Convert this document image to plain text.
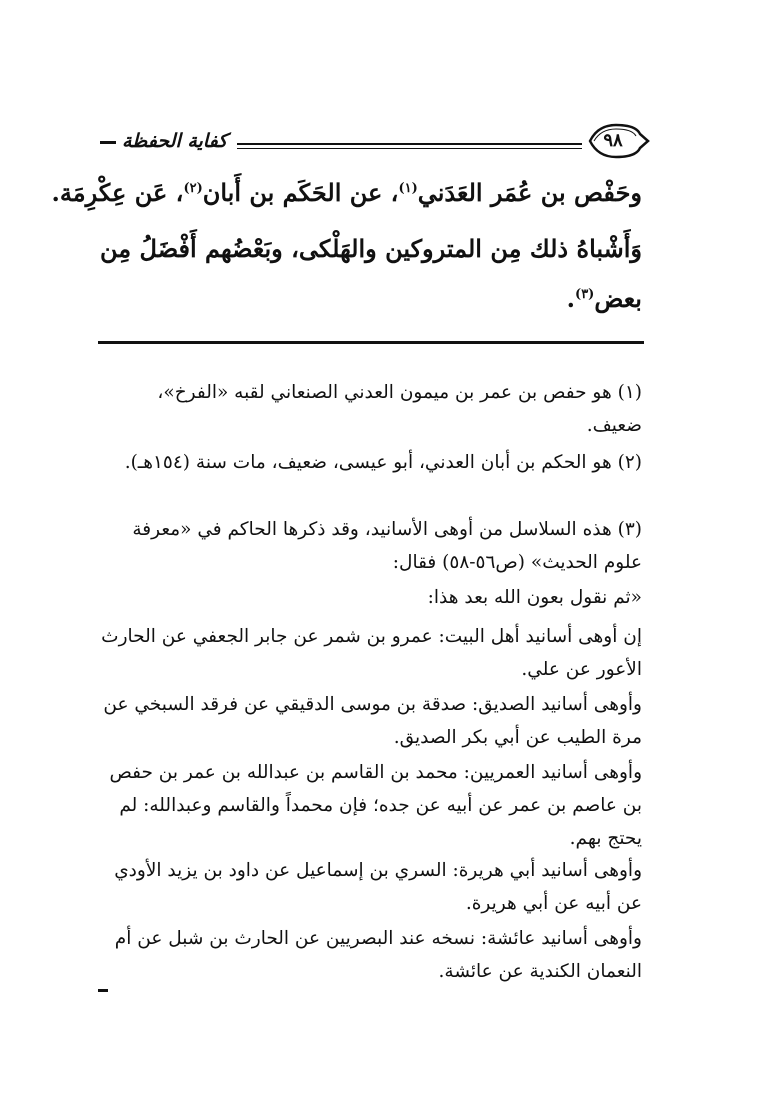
كفاية الحفظة	٩٨
وحَفْص بن عُمَر العَدَني$^{(١)}$، عن الحَكَم بن أَبان$^{(٢)}$، عَن عِكْرِمَة.
وَأَشْباهُ ذلك مِن المتروكين والهَلْكى، وبَعْضُهم أَفْضَلُ مِن
بعض$^{(٣)}$.
(١) هو حفص بن عمر بن ميمون العدني الصنعاني لقبه «الفرخ»، ضعيف.
(٢) هو الحكم بن أبان العدني، أبو عيسى، ضعيف، مات سنة (١٥٤هـ).
(٣) هذه السلاسل من أوهى الأسانيد، وقد ذكرها الحاكم في «معرفة علوم الحديث» (ص٥٦-٥٨) فقال:
«ثم نقول بعون الله بعد هذا:
إن أوهى أسانيد أهل البيت: عمرو بن شمر عن جابر الجعفي عن الحارث الأعور عن علي.
وأوهى أسانيد الصديق: صدقة بن موسى الدقيقي عن فرقد السبخي عن مرة الطيب عن أبي بكر الصديق.
وأوهى أسانيد العمريين: محمد بن القاسم بن عبدالله بن عمر بن حفص بن عاصم بن عمر عن أبيه عن جده؛ فإن محمداً والقاسم وعبدالله: لم يحتج بهم.
وأوهى أسانيد أبي هريرة: السري بن إسماعيل عن داود بن يزيد الأودي عن أبيه عن أبي هريرة.
وأوهى أسانيد عائشة: نسخه عند البصريين عن الحارث بن شبل عن أم النعمان الكندية عن عائشة.
